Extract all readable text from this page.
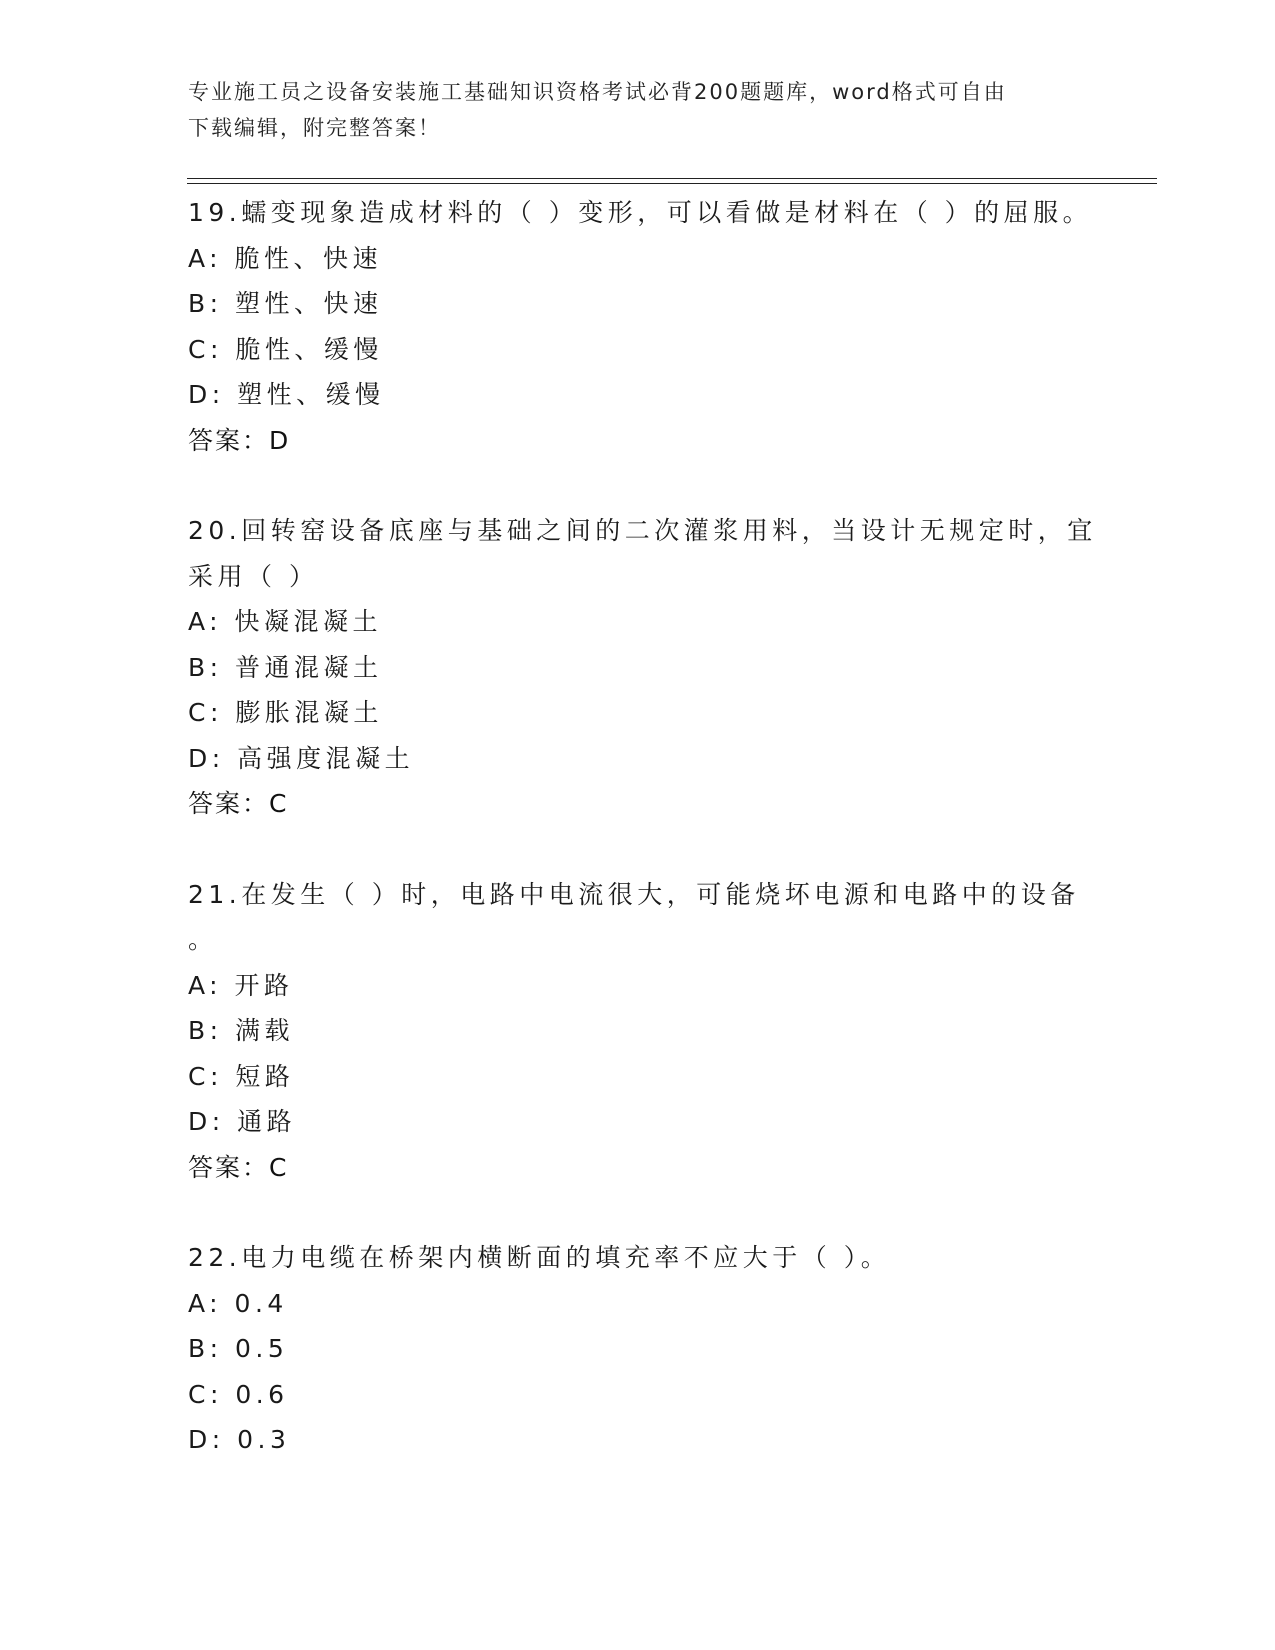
专业施工员之设备安装施工基础知识资格考试必背200题题库，word格式可自由
下载编辑，附完整答案！
19.蠕变现象造成材料的（ ）变形，可以看做是材料在（ ）的屈服。
A: 脆性、快速
B: 塑性、快速
C: 脆性、缓慢
D: 塑性、缓慢
答案：D
20.回转窑设备底座与基础之间的二次灌浆用料，当设计无规定时，宜
采用（ ）
A: 快凝混凝土
B: 普通混凝土
C: 膨胀混凝土
D: 高强度混凝土
答案：C
21.在发生（ ）时，电路中电流很大，可能烧坏电源和电路中的设备
。
A: 开路
B: 满载
C: 短路
D: 通路
答案：C
22.电力电缆在桥架内横断面的填充率不应大于（ ）。
A: 0.4
B: 0.5
C: 0.6
D: 0.3
